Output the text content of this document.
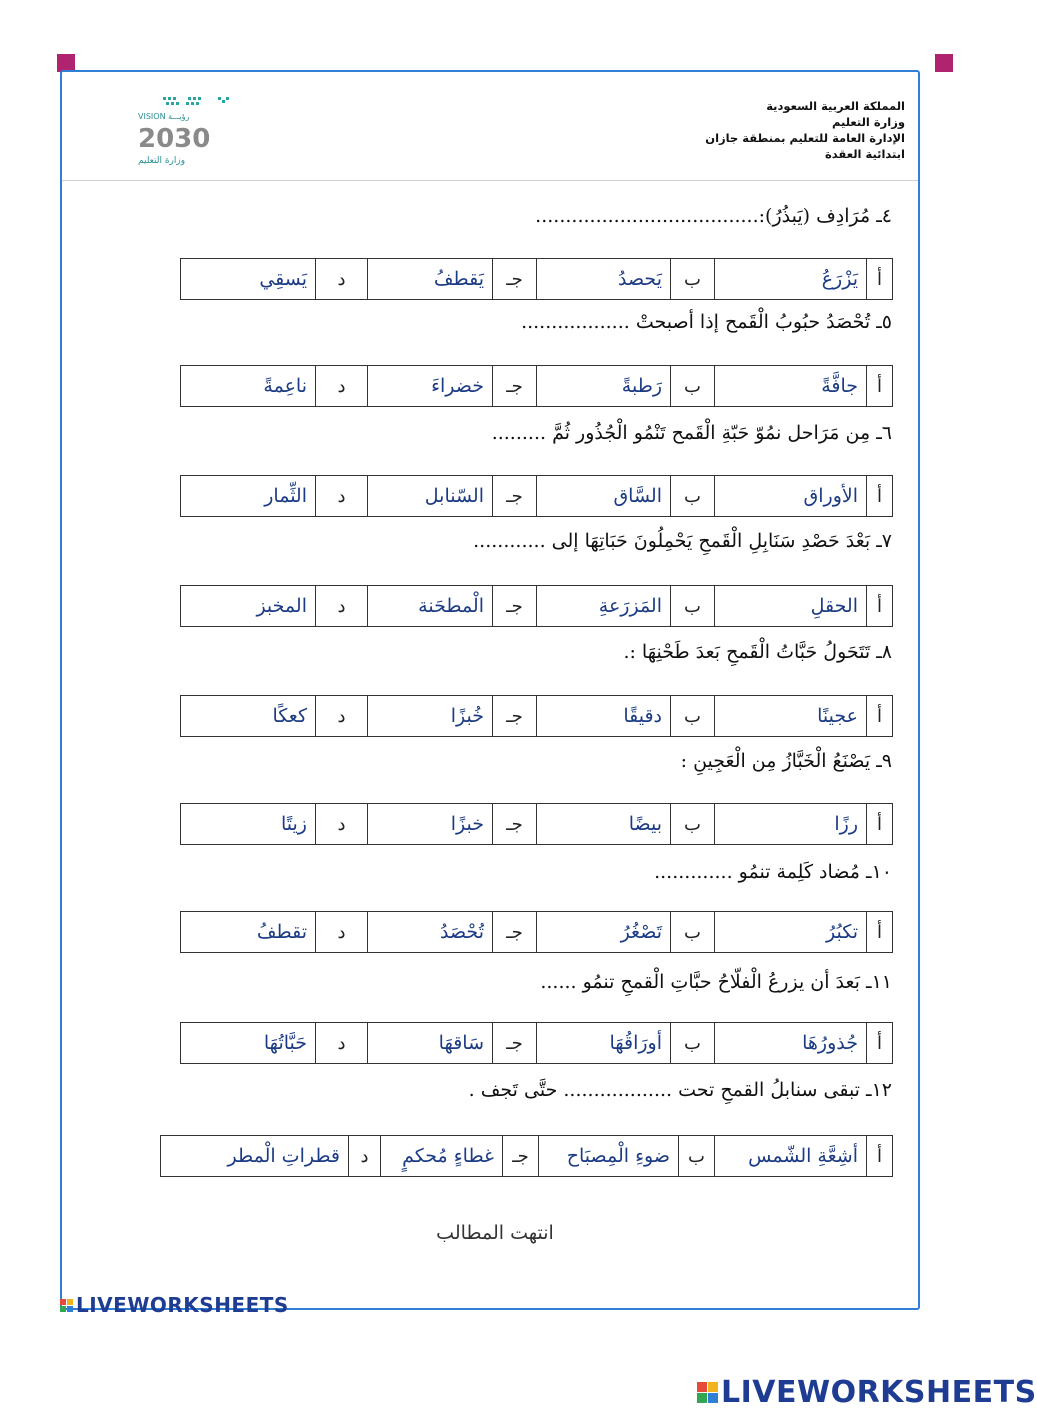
المملكة العربية السعودية
وزارة التعليم
الإدارة العامة للتعليم بمنطقة جازان
ابتدائية العقدة
VISION رؤيـــة
2030
وزارة التعليم
٤ـ مُرَادِف (يَبذُرُ):.....................................
أ	يَزْرَعُ	ب	يَحصدُ	جـ	يَقطفُ	د	يَسقِي
٥ـ تُحْصَدُ حبُوبُ الْقَمح إذا أصبحتْ ..................
أ	جافَّةً	ب	رَطبةً	جـ	خضراءَ	د	ناعِمةً
٦ـ مِن مَرَاحل نمُوّ حَبّةِ الْقَمح تَنْمُو الْجُذُور ثُمَّ .........
أ	الأوراق	ب	السَّاق	جـ	السّنابل	د	الثِّمار
٧ـ بَعْدَ حَصْدِ سَنَابِلِ الْقَمحِ يَحْمِلُونَ حَبَاتِهَا إلى ............
أ	الحقلِ	ب	المَزرَعةِ	جـ	الْمطحَنة	د	المخبز
٨ـ تَتَحَولُ حَبَّاتُ الْقَمحِ بَعدَ طَحْنِهَا :.
أ	عجينًا	ب	دقيقًا	جـ	خُبزًا	د	كعكًا
٩ـ يَصْنَعُ الْخَبَّازُ مِن الْعَجِينِ :
أ	رزًا	ب	بيضًا	جـ	خبزًا	د	زيتًا
١٠ـ مُضاد كَلِمة تنمُو .............
أ	تكبُرُ	ب	تَصْغُرُ	جـ	تُحْصَدُ	د	تقطفُ
١١ـ بَعدَ أن يزرعُ الْفلّاحُ حبَّاتِ الْقمحِ تنمُو ......
أ	جُذورُهَا	ب	أورَاقُهَا	جـ	سَاقهَا	د	حَبَّاتُهَا
١٢ـ تبقى سنابلُ القمحِ تحت .................. حتَّى تَجف .
أ	أشِعَّةِ الشّمس	ب	ضوءِ الْمِصبَاح	جـ	غطاءٍ مُحكمٍ	د	قطراتِ الْمطر
انتهت المطالب
LIVEWORKSHEETS
LIVEWORKSHEETS
